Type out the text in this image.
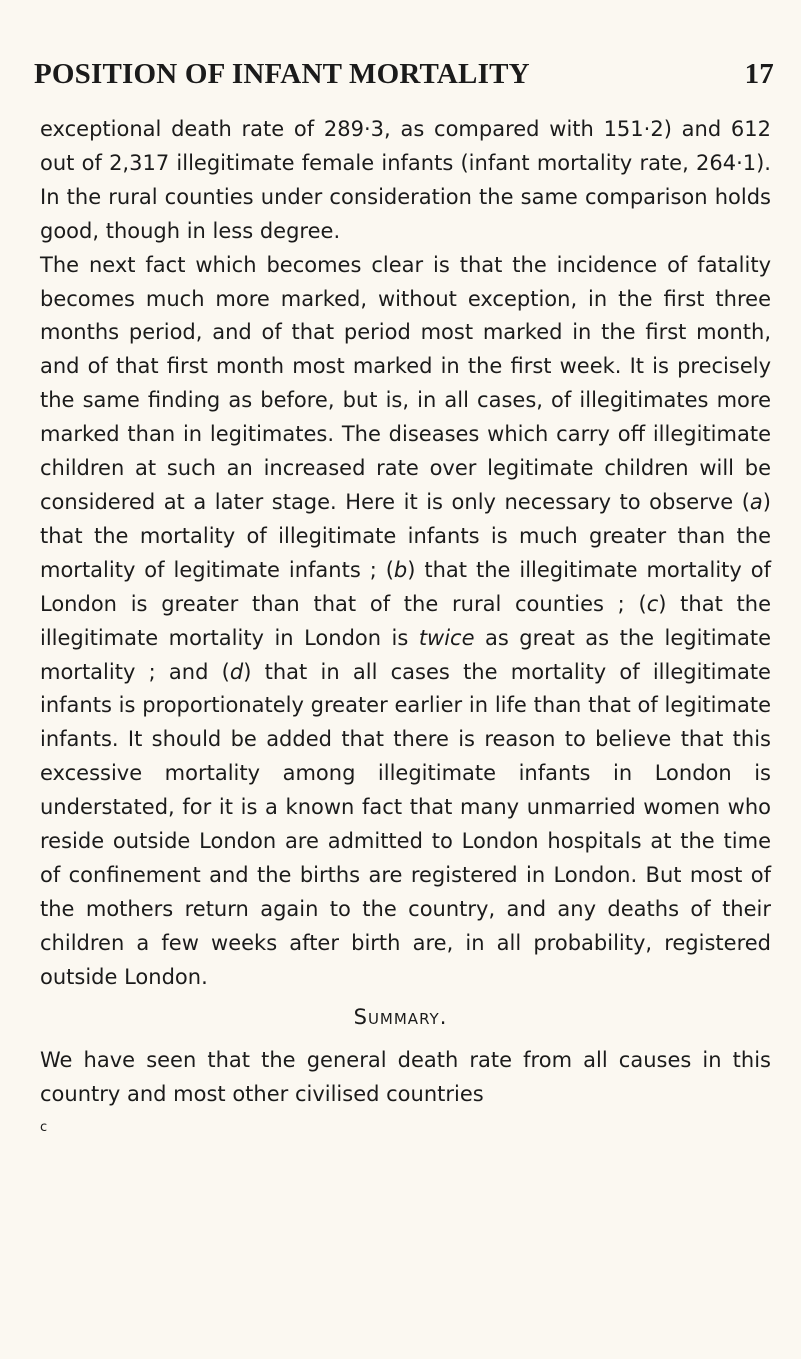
POSITION OF INFANT MORTALITY	17

exceptional death rate of 289·3, as compared with 151·2) and 612 out of 2,317 illegitimate female infants (infant mortality rate, 264·1). In the rural counties under consideration the same comparison holds good, though in less degree.

The next fact which becomes clear is that the incidence of fatality becomes much more marked, without exception, in the first three months period, and of that period most marked in the first month, and of that first month most marked in the first week. It is precisely the same finding as before, but is, in all cases, of illegitimates more marked than in legitimates. The diseases which carry off illegitimate children at such an increased rate over legitimate children will be considered at a later stage. Here it is only necessary to observe (a) that the mortality of illegitimate infants is much greater than the mortality of legitimate infants ; (b) that the illegitimate mortality of London is greater than that of the rural counties ; (c) that the illegitimate mortality in London is twice as great as the legitimate mortality ; and (d) that in all cases the mortality of illegitimate infants is proportionately greater earlier in life than that of legitimate infants. It should be added that there is reason to believe that this excessive mortality among illegitimate infants in London is understated, for it is a known fact that many unmarried women who reside outside London are admitted to London hospitals at the time of confinement and the births are registered in London. But most of the mothers return again to the country, and any deaths of their children a few weeks after birth are, in all probability, registered outside London.

Summary.

We have seen that the general death rate from all causes in this country and most other civilised countries

c
